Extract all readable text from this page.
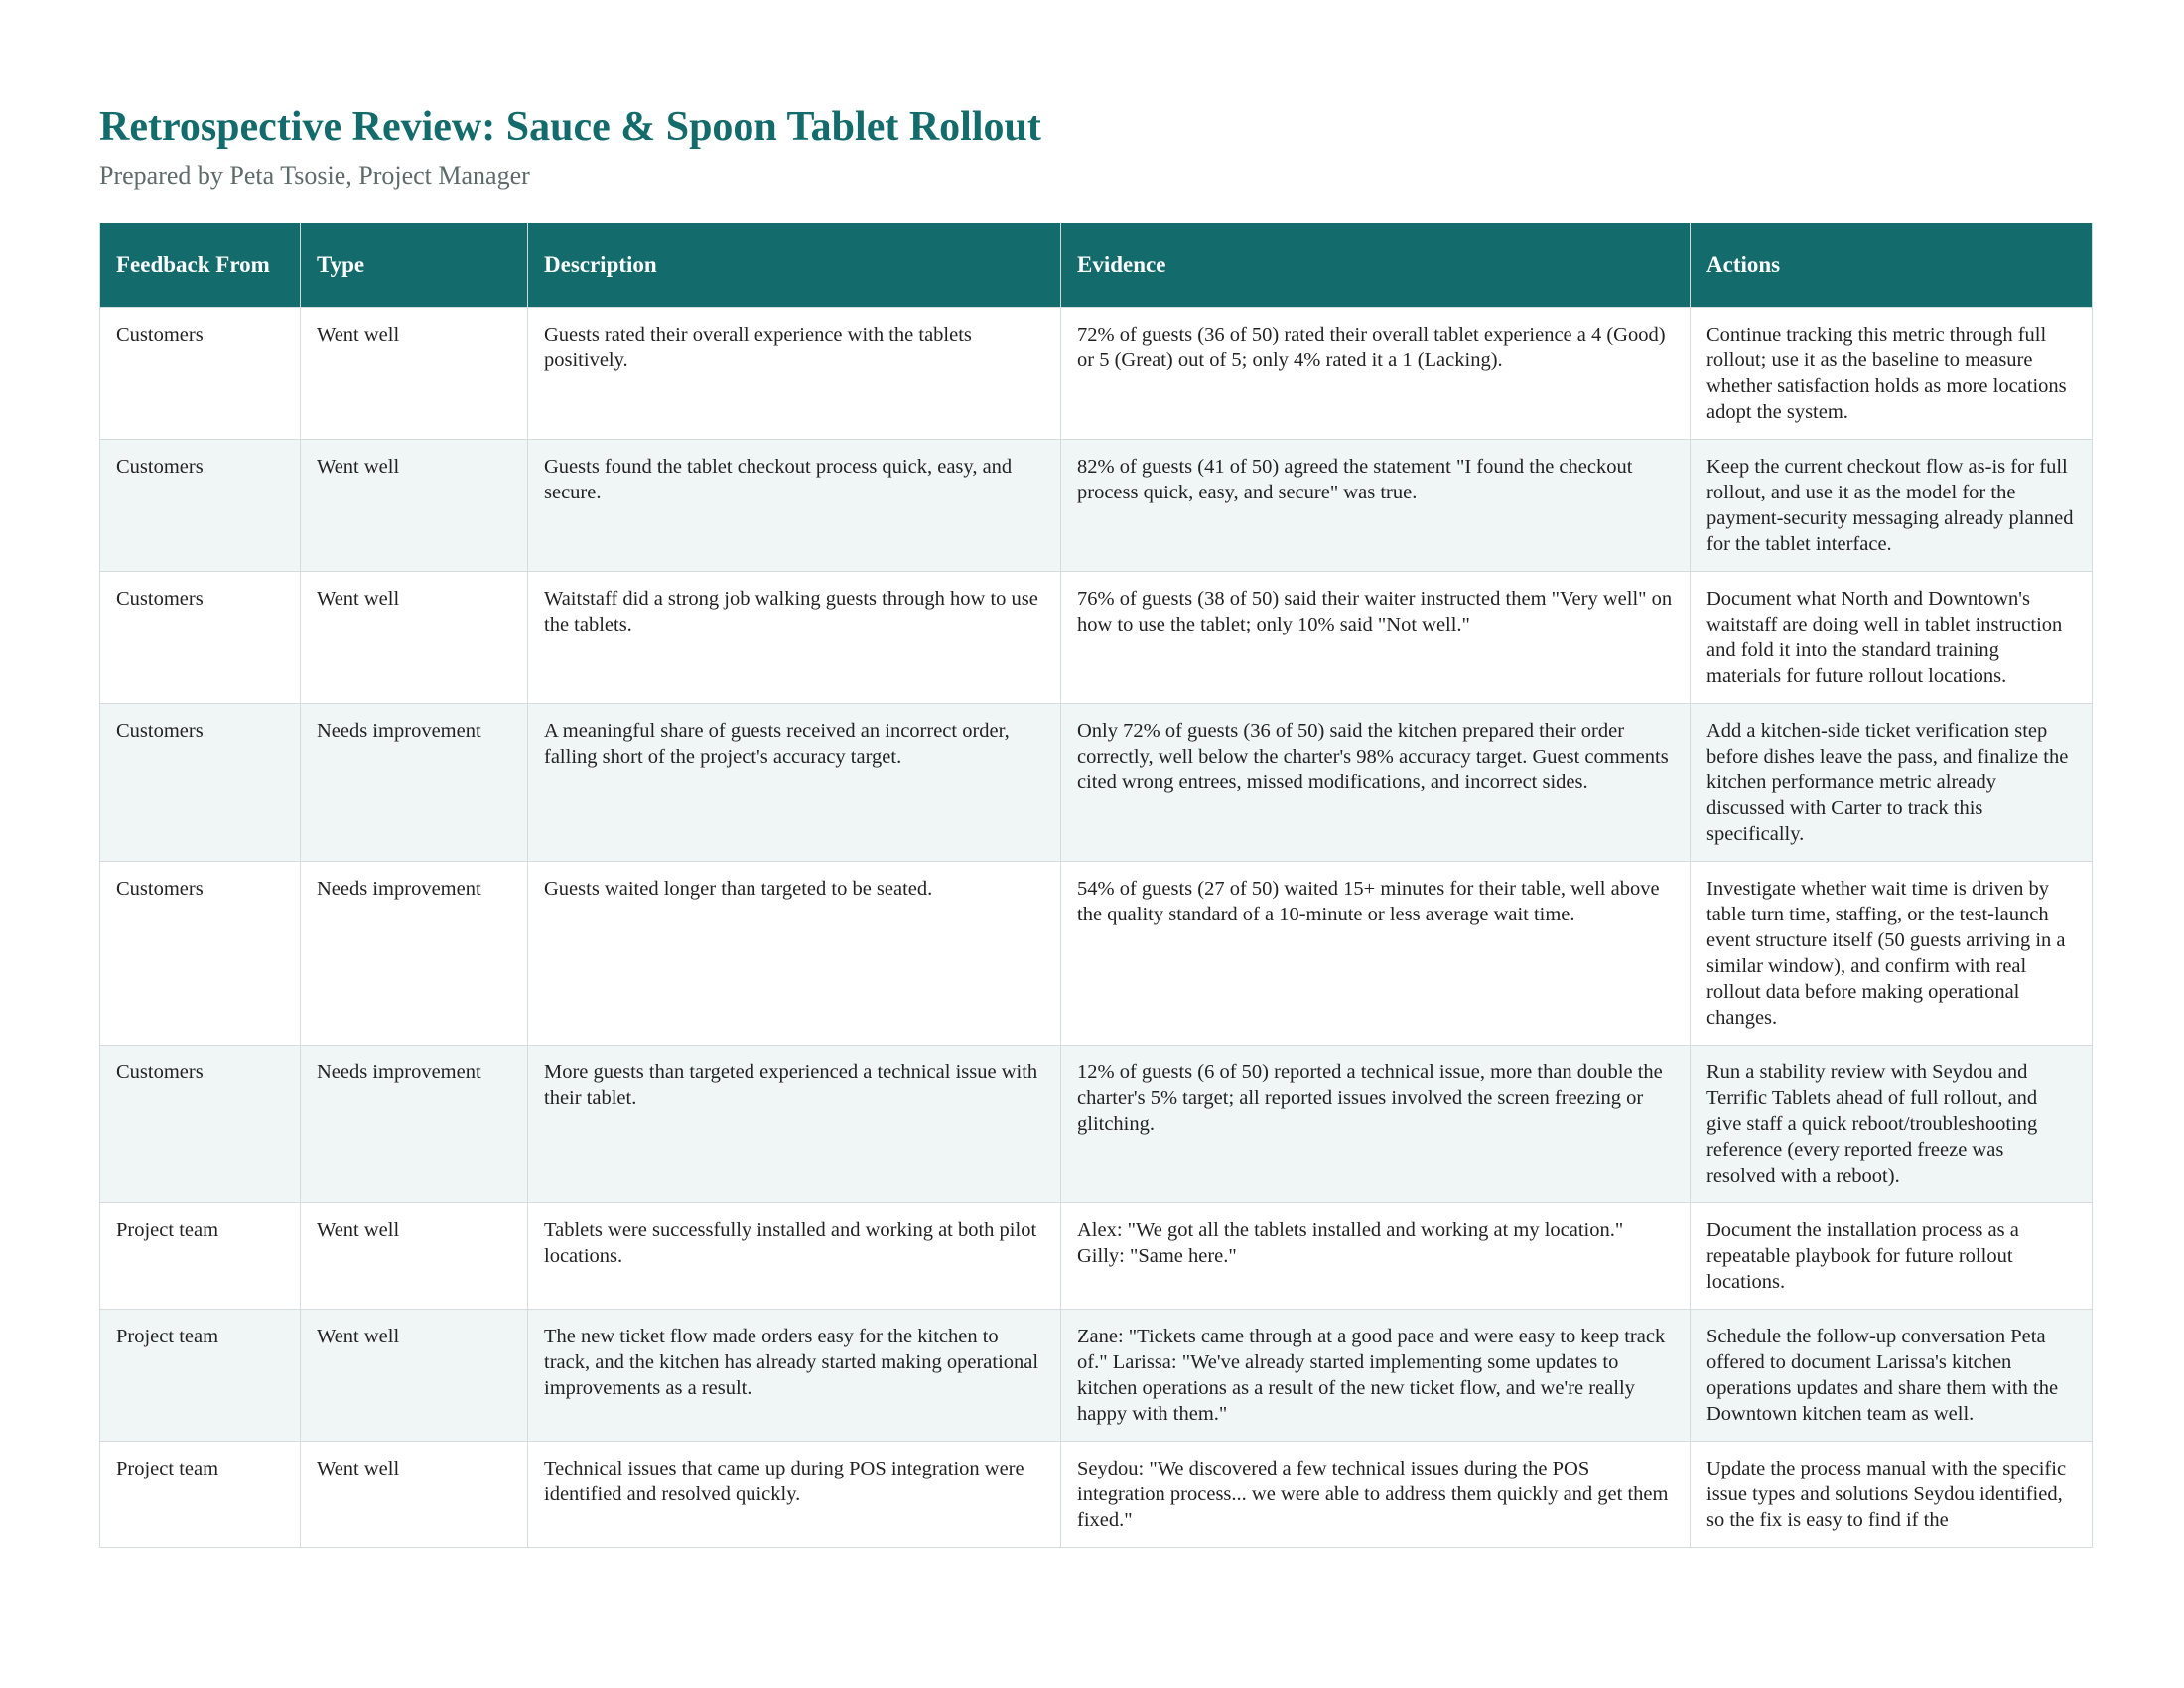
Retrospective Review: Sauce & Spoon Tablet Rollout
Prepared by Peta Tsosie, Project Manager
Feedback From	Type	Description	Evidence	Actions
Customers	Went well	Guests rated their overall experience with the tablets positively.	72% of guests (36 of 50) rated their overall tablet experience a 4 (Good) or 5 (Great) out of 5; only 4% rated it a 1 (Lacking).	Continue tracking this metric through full rollout; use it as the baseline to measure whether satisfaction holds as more locations adopt the system.
Customers	Went well	Guests found the tablet checkout process quick, easy, and secure.	82% of guests (41 of 50) agreed the statement "I found the checkout process quick, easy, and secure" was true.	Keep the current checkout flow as-is for full rollout, and use it as the model for the payment-security messaging already planned for the tablet interface.
Customers	Went well	Waitstaff did a strong job walking guests through how to use the tablets.	76% of guests (38 of 50) said their waiter instructed them "Very well" on how to use the tablet; only 10% said "Not well."	Document what North and Downtown's waitstaff are doing well in tablet instruction and fold it into the standard training materials for future rollout locations.
Customers	Needs improvement	A meaningful share of guests received an incorrect order, falling short of the project's accuracy target.	Only 72% of guests (36 of 50) said the kitchen prepared their order correctly, well below the charter's 98% accuracy target. Guest comments cited wrong entrees, missed modifications, and incorrect sides.	Add a kitchen-side ticket verification step before dishes leave the pass, and finalize the kitchen performance metric already discussed with Carter to track this specifically.
Customers	Needs improvement	Guests waited longer than targeted to be seated.	54% of guests (27 of 50) waited 15+ minutes for their table, well above the quality standard of a 10-minute or less average wait time.	Investigate whether wait time is driven by table turn time, staffing, or the test-launch event structure itself (50 guests arriving in a similar window), and confirm with real rollout data before making operational changes.
Customers	Needs improvement	More guests than targeted experienced a technical issue with their tablet.	12% of guests (6 of 50) reported a technical issue, more than double the charter's 5% target; all reported issues involved the screen freezing or glitching.	Run a stability review with Seydou and Terrific Tablets ahead of full rollout, and give staff a quick reboot/troubleshooting reference (every reported freeze was resolved with a reboot).
Project team	Went well	Tablets were successfully installed and working at both pilot locations.	Alex: "We got all the tablets installed and working at my location." Gilly: "Same here."	Document the installation process as a repeatable playbook for future rollout locations.
Project team	Went well	The new ticket flow made orders easy for the kitchen to track, and the kitchen has already started making operational improvements as a result.	Zane: "Tickets came through at a good pace and were easy to keep track of." Larissa: "We've already started implementing some updates to kitchen operations as a result of the new ticket flow, and we're really happy with them."	Schedule the follow-up conversation Peta offered to document Larissa's kitchen operations updates and share them with the Downtown kitchen team as well.
Project team	Went well	Technical issues that came up during POS integration were identified and resolved quickly.	Seydou: "We discovered a few technical issues during the POS integration process... we were able to address them quickly and get them fixed."	Update the process manual with the specific issue types and solutions Seydou identified, so the fix is easy to find if the
